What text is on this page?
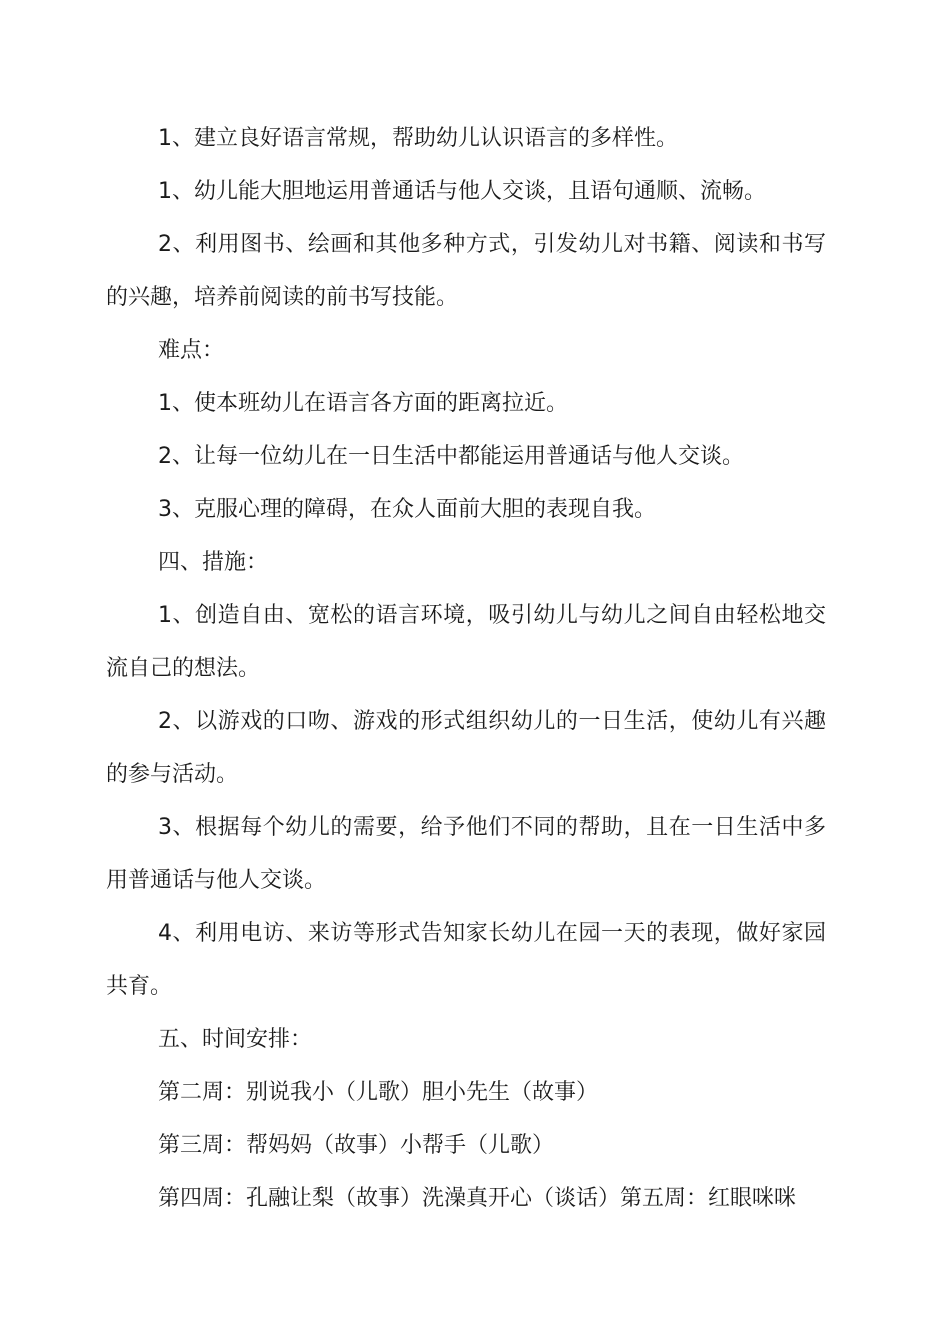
1、建立良好语言常规，帮助幼儿认识语言的多样性。

1、幼儿能大胆地运用普通话与他人交谈，且语句通顺、流畅。

2、利用图书、绘画和其他多种方式，引发幼儿对书籍、阅读和书写的兴趣，培养前阅读的前书写技能。

难点：

1、使本班幼儿在语言各方面的距离拉近。

2、让每一位幼儿在一日生活中都能运用普通话与他人交谈。

3、克服心理的障碍，在众人面前大胆的表现自我。

四、措施：

1、创造自由、宽松的语言环境，吸引幼儿与幼儿之间自由轻松地交流自己的想法。

2、以游戏的口吻、游戏的形式组织幼儿的一日生活，使幼儿有兴趣的参与活动。

3、根据每个幼儿的需要，给予他们不同的帮助，且在一日生活中多用普通话与他人交谈。

4、利用电访、来访等形式告知家长幼儿在园一天的表现，做好家园共育。

五、时间安排：

第二周：别说我小（儿歌）胆小先生（故事）

第三周：帮妈妈（故事）小帮手（儿歌）

第四周：孔融让梨（故事）洗澡真开心（谈话）第五周：红眼咪咪
